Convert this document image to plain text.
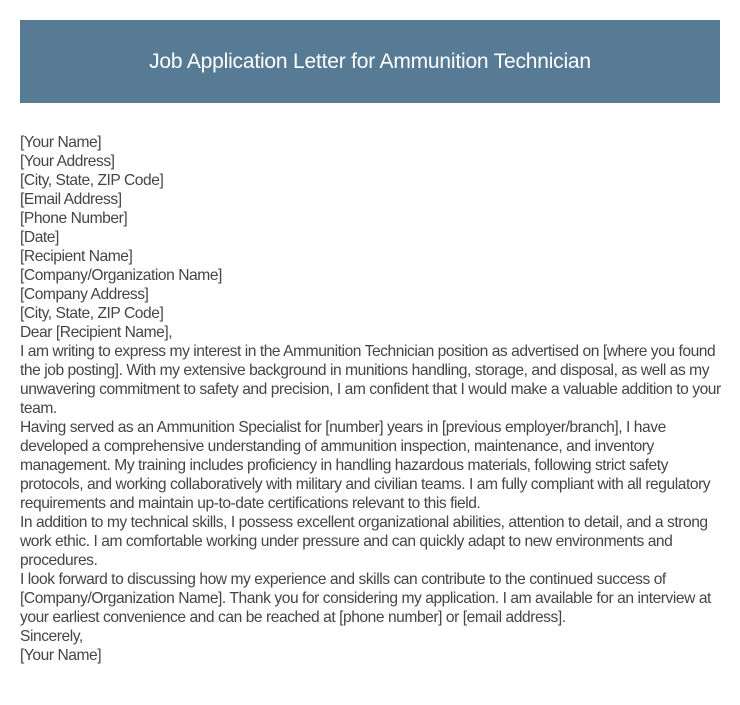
Job Application Letter for Ammunition Technician
[Your Name]
[Your Address]
[City, State, ZIP Code]
[Email Address]
[Phone Number]
[Date]
[Recipient Name]
[Company/Organization Name]
[Company Address]
[City, State, ZIP Code]
Dear [Recipient Name],

I am writing to express my interest in the Ammunition Technician position as advertised on [where you found the job posting]. With my extensive background in munitions handling, storage, and disposal, as well as my unwavering commitment to safety and precision, I am confident that I would make a valuable addition to your team.

Having served as an Ammunition Specialist for [number] years in [previous employer/branch], I have developed a comprehensive understanding of ammunition inspection, maintenance, and inventory management. My training includes proficiency in handling hazardous materials, following strict safety protocols, and working collaboratively with military and civilian teams. I am fully compliant with all regulatory requirements and maintain up-to-date certifications relevant to this field.

In addition to my technical skills, I possess excellent organizational abilities, attention to detail, and a strong work ethic. I am comfortable working under pressure and can quickly adapt to new environments and procedures.

I look forward to discussing how my experience and skills can contribute to the continued success of [Company/Organization Name]. Thank you for considering my application. I am available for an interview at your earliest convenience and can be reached at [phone number] or [email address].

Sincerely,
[Your Name]
